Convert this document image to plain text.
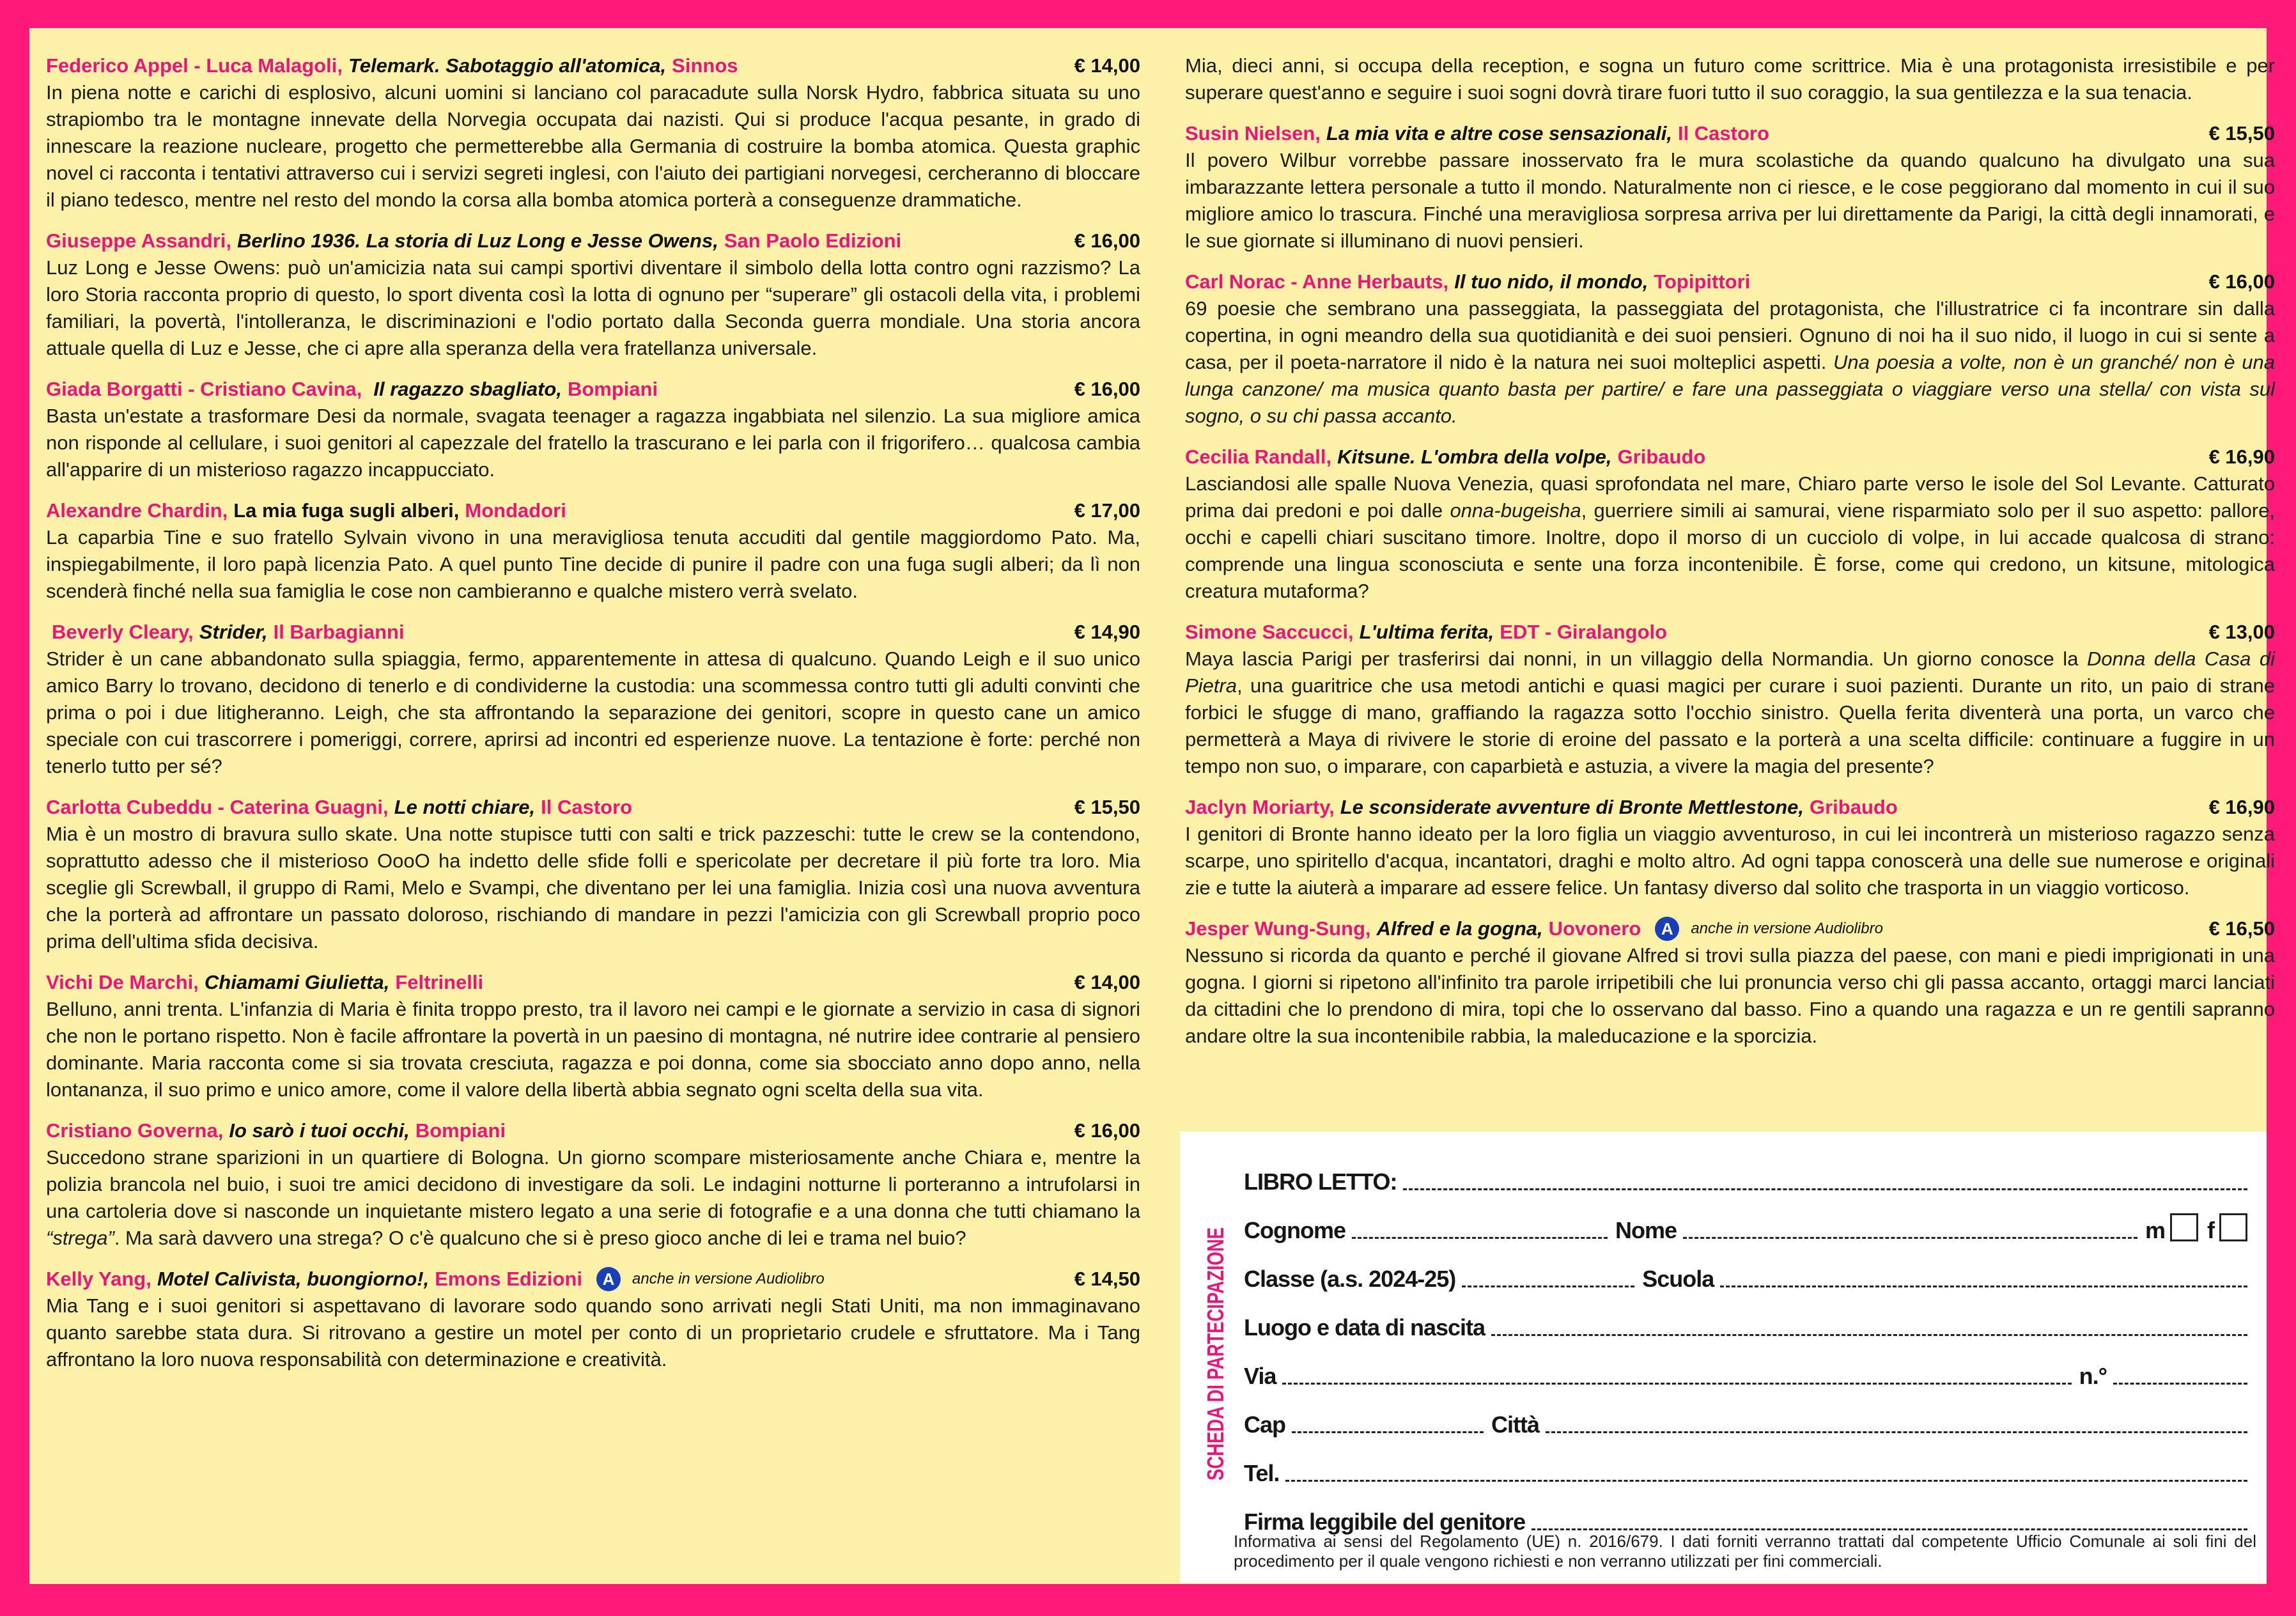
Federico Appel - Luca Malagoli, Telemark. Sabotaggio all'atomica, Sinnos	€ 14,00

In piena notte e carichi di esplosivo, alcuni uomini si lanciano col paracadute sulla Norsk Hydro, fabbrica situata su uno strapiombo tra le montagne innevate della Norvegia occupata dai nazisti. Qui si produce l'acqua pesante, in grado di innescare la reazione nucleare, progetto che permetterebbe alla Germania di costruire la bomba atomica. Questa graphic novel ci racconta i tentativi attraverso cui i servizi segreti inglesi, con l'aiuto dei partigiani norvegesi, cercheranno di bloccare il piano tedesco, mentre nel resto del mondo la corsa alla bomba atomica porterà a conseguenze drammatiche.

Giuseppe Assandri, Berlino 1936. La storia di Luz Long e Jesse Owens, San Paolo Edizioni	€ 16,00

Luz Long e Jesse Owens: può un'amicizia nata sui campi sportivi diventare il simbolo della lotta contro ogni razzismo? La loro Storia racconta proprio di questo, lo sport diventa così la lotta di ognuno per “superare” gli ostacoli della vita, i problemi familiari, la povertà, l'intolleranza, le discriminazioni e l'odio portato dalla Seconda guerra mondiale. Una storia ancora attuale quella di Luz e Jesse, che ci apre alla speranza della vera fratellanza universale.

Giada Borgatti - Cristiano Cavina, Il ragazzo sbagliato, Bompiani	€ 16,00

Basta un'estate a trasformare Desi da normale, svagata teenager a ragazza ingabbiata nel silenzio. La sua migliore amica non risponde al cellulare, i suoi genitori al capezzale del fratello la trascurano e lei parla con il frigorifero… qualcosa cambia all'apparire di un misterioso ragazzo incappucciato.

Alexandre Chardin, La mia fuga sugli alberi, Mondadori	€ 17,00

La caparbia Tine e suo fratello Sylvain vivono in una meravigliosa tenuta accuditi dal gentile maggiordomo Pato. Ma, inspiegabilmente, il loro papà licenzia Pato. A quel punto Tine decide di punire il padre con una fuga sugli alberi; da lì non scenderà finché nella sua famiglia le cose non cambieranno e qualche mistero verrà svelato.

Beverly Cleary, Strider, Il Barbagianni	€ 14,90

Strider è un cane abbandonato sulla spiaggia, fermo, apparentemente in attesa di qualcuno. Quando Leigh e il suo unico amico Barry lo trovano, decidono di tenerlo e di condividerne la custodia: una scommessa contro tutti gli adulti convinti che prima o poi i due litigheranno. Leigh, che sta affrontando la separazione dei genitori, scopre in questo cane un amico speciale con cui trascorrere i pomeriggi, correre, aprirsi ad incontri ed esperienze nuove. La tentazione è forte: perché non tenerlo tutto per sé?

Carlotta Cubeddu - Caterina Guagni, Le notti chiare, Il Castoro	€ 15,50

Mia è un mostro di bravura sullo skate. Una notte stupisce tutti con salti e trick pazzeschi: tutte le crew se la contendono, soprattutto adesso che il misterioso OooO ha indetto delle sfide folli e spericolate per decretare il più forte tra loro. Mia sceglie gli Screwball, il gruppo di Rami, Melo e Svampi, che diventano per lei una famiglia. Inizia così una nuova avventura che la porterà ad affrontare un passato doloroso, rischiando di mandare in pezzi l'amicizia con gli Screwball proprio poco prima dell'ultima sfida decisiva.

Vichi De Marchi, Chiamami Giulietta, Feltrinelli	€ 14,00

Belluno, anni trenta. L'infanzia di Maria è finita troppo presto, tra il lavoro nei campi e le giornate a servizio in casa di signori che non le portano rispetto. Non è facile affrontare la povertà in un paesino di montagna, né nutrire idee contrarie al pensiero dominante. Maria racconta come si sia trovata cresciuta, ragazza e poi donna, come sia sbocciato anno dopo anno, nella lontananza, il suo primo e unico amore, come il valore della libertà abbia segnato ogni scelta della sua vita.

Cristiano Governa, Io sarò i tuoi occhi, Bompiani	€ 16,00

Succedono strane sparizioni in un quartiere di Bologna. Un giorno scompare misteriosamente anche Chiara e, mentre la polizia brancola nel buio, i suoi tre amici decidono di investigare da soli. Le indagini notturne li porteranno a intrufolarsi in una cartoleria dove si nasconde un inquietante mistero legato a una serie di fotografie e a una donna che tutti chiamano la “strega”. Ma sarà davvero una strega? O c'è qualcuno che si è preso gioco anche di lei e trama nel buio?

Kelly Yang, Motel Calivista, buongiorno!, Emons Edizioni	A	anche in versione Audiolibro	€ 14,50

Mia Tang e i suoi genitori si aspettavano di lavorare sodo quando sono arrivati negli Stati Uniti, ma non immaginavano quanto sarebbe stata dura. Si ritrovano a gestire un motel per conto di un proprietario crudele e sfruttatore. Ma i Tang affrontano la loro nuova responsabilità con determinazione e creatività.

Mia, dieci anni, si occupa della reception, e sogna un futuro come scrittrice. Mia è una protagonista irresistibile e per superare quest'anno e seguire i suoi sogni dovrà tirare fuori tutto il suo coraggio, la sua gentilezza e la sua tenacia.

Susin Nielsen, La mia vita e altre cose sensazionali, Il Castoro	€ 15,50

Il povero Wilbur vorrebbe passare inosservato fra le mura scolastiche da quando qualcuno ha divulgato una sua imbarazzante lettera personale a tutto il mondo. Naturalmente non ci riesce, e le cose peggiorano dal momento in cui il suo migliore amico lo trascura. Finché una meravigliosa sorpresa arriva per lui direttamente da Parigi, la città degli innamorati, e le sue giornate si illuminano di nuovi pensieri.

Carl Norac - Anne Herbauts, Il tuo nido, il mondo, Topipittori	€ 16,00

69 poesie che sembrano una passeggiata, la passeggiata del protagonista, che l'illustratrice ci fa incontrare sin dalla copertina, in ogni meandro della sua quotidianità e dei suoi pensieri. Ognuno di noi ha il suo nido, il luogo in cui si sente a casa, per il poeta-narratore il nido è la natura nei suoi molteplici aspetti. Una poesia a volte, non è un granché/ non è una lunga canzone/ ma musica quanto basta per partire/ e fare una passeggiata o viaggiare verso una stella/ con vista sul sogno, o su chi passa accanto.

Cecilia Randall, Kitsune. L'ombra della volpe, Gribaudo	€ 16,90

Lasciandosi alle spalle Nuova Venezia, quasi sprofondata nel mare, Chiaro parte verso le isole del Sol Levante. Catturato prima dai predoni e poi dalle onna-bugeisha, guerriere simili ai samurai, viene risparmiato solo per il suo aspetto: pallore, occhi e capelli chiari suscitano timore. Inoltre, dopo il morso di un cucciolo di volpe, in lui accade qualcosa di strano: comprende una lingua sconosciuta e sente una forza incontenibile. È forse, come qui credono, un kitsune, mitologica creatura mutaforma?

Simone Saccucci, L'ultima ferita, EDT - Giralangolo	€ 13,00

Maya lascia Parigi per trasferirsi dai nonni, in un villaggio della Normandia. Un giorno conosce la Donna della Casa di Pietra, una guaritrice che usa metodi antichi e quasi magici per curare i suoi pazienti. Durante un rito, un paio di strane forbici le sfugge di mano, graffiando la ragazza sotto l'occhio sinistro. Quella ferita diventerà una porta, un varco che permetterà a Maya di rivivere le storie di eroine del passato e la porterà a una scelta difficile: continuare a fuggire in un tempo non suo, o imparare, con caparbietà e astuzia, a vivere la magia del presente?

Jaclyn Moriarty, Le sconsiderate avventure di Bronte Mettlestone, Gribaudo	€ 16,90

I genitori di Bronte hanno ideato per la loro figlia un viaggio avventuroso, in cui lei incontrerà un misterioso ragazzo senza scarpe, uno spiritello d'acqua, incantatori, draghi e molto altro. Ad ogni tappa conoscerà una delle sue numerose e originali zie e tutte la aiuterà a imparare ad essere felice. Un fantasy diverso dal solito che trasporta in un viaggio vorticoso.

Jesper Wung-Sung, Alfred e la gogna, Uovonero	A	anche in versione Audiolibro	€ 16,50

Nessuno si ricorda da quanto e perché il giovane Alfred si trovi sulla piazza del paese, con mani e piedi imprigionati in una gogna. I giorni si ripetono all'infinito tra parole irripetibili che lui pronuncia verso chi gli passa accanto, ortaggi marci lanciati da cittadini che lo prendono di mira, topi che lo osservano dal basso. Fino a quando una ragazza e un re gentili sapranno andare oltre la sua incontenibile rabbia, la maleducazione e la sporcizia.

SCHEDA DI PARTECIPAZIONE LIBRO LETTO:
Cognome	Nome	m f
Classe (a.s. 2024-25)	Scuola
Luogo e data di nascita
Via	n.°
Cap	Città
Tel.
Firma leggibile del genitore
Informativa ai sensi del Regolamento (UE) n. 2016/679. I dati forniti verranno trattati dal competente Ufficio Comunale ai soli fini del procedimento per il quale vengono richiesti e non verranno utilizzati per fini commerciali.
